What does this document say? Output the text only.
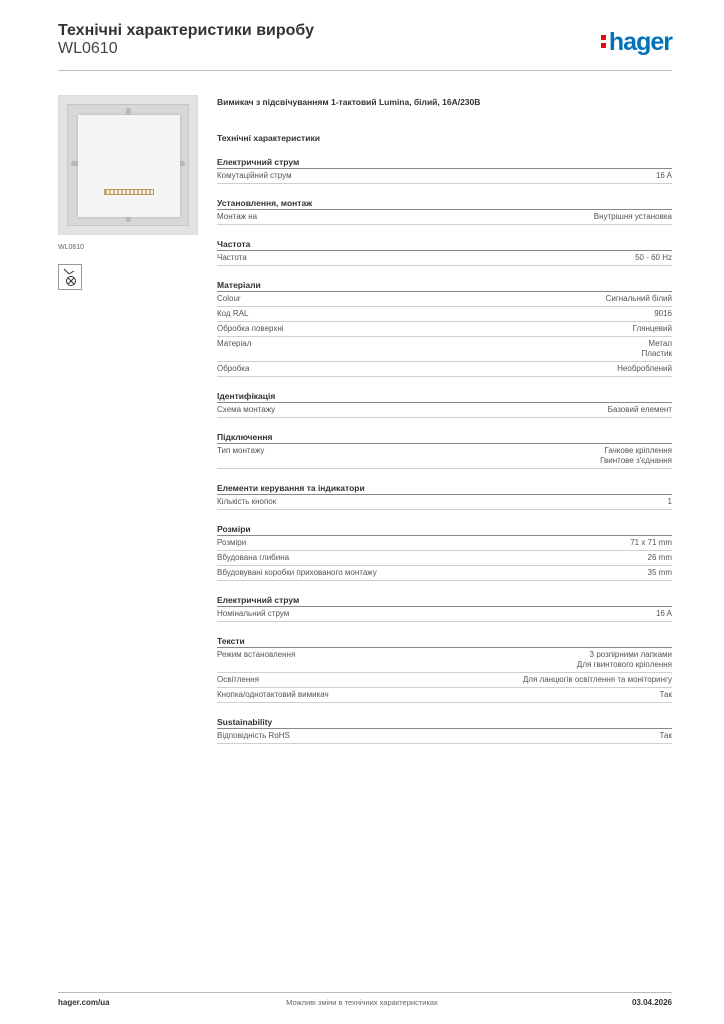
Технічні характеристики виробу
WL0610	hager
WL0610
Вимикач з підсвічуванням 1-тактовий Lumina, білий, 16А/230В
Технічні характеристики
Електричний струм
Комутаційний струм	16 A
Установлення, монтаж
Монтаж на	Внутрішня установка
Частота
Частота	50 - 60 Hz
Матеріали
Colour	Сигнальний білий
Код RAL	9016
Обробка поверхні	Глянцевий
Матеріал	Метал
Пластик
Обробка	Необроблений
Ідентифікація
Схема монтажу	Базовий елемент
Підключення
Тип монтажу	Гачкове кріплення
Гвинтове з'єднання
Елементи керування та індикатори
Кількість кнопок	1
Розміри
Розміри	71 x 71 mm
Вбудована глибина	26 mm
Вбудовувані коробки прихованого монтажу	35 mm
Електричний струм
Номінальний струм	16 A
Тексти
Режим встановлення	З розпірними лапками
Для гвинтового кріплення
Освітлення	Для ланцюгів освітлення та моніторингу
Кнопка/однотактовий вимикач	Так
Sustainability
Відповідність RoHS	Так
hager.com/ua	Можливі зміни в технічних характеристиках	03.04.2026
